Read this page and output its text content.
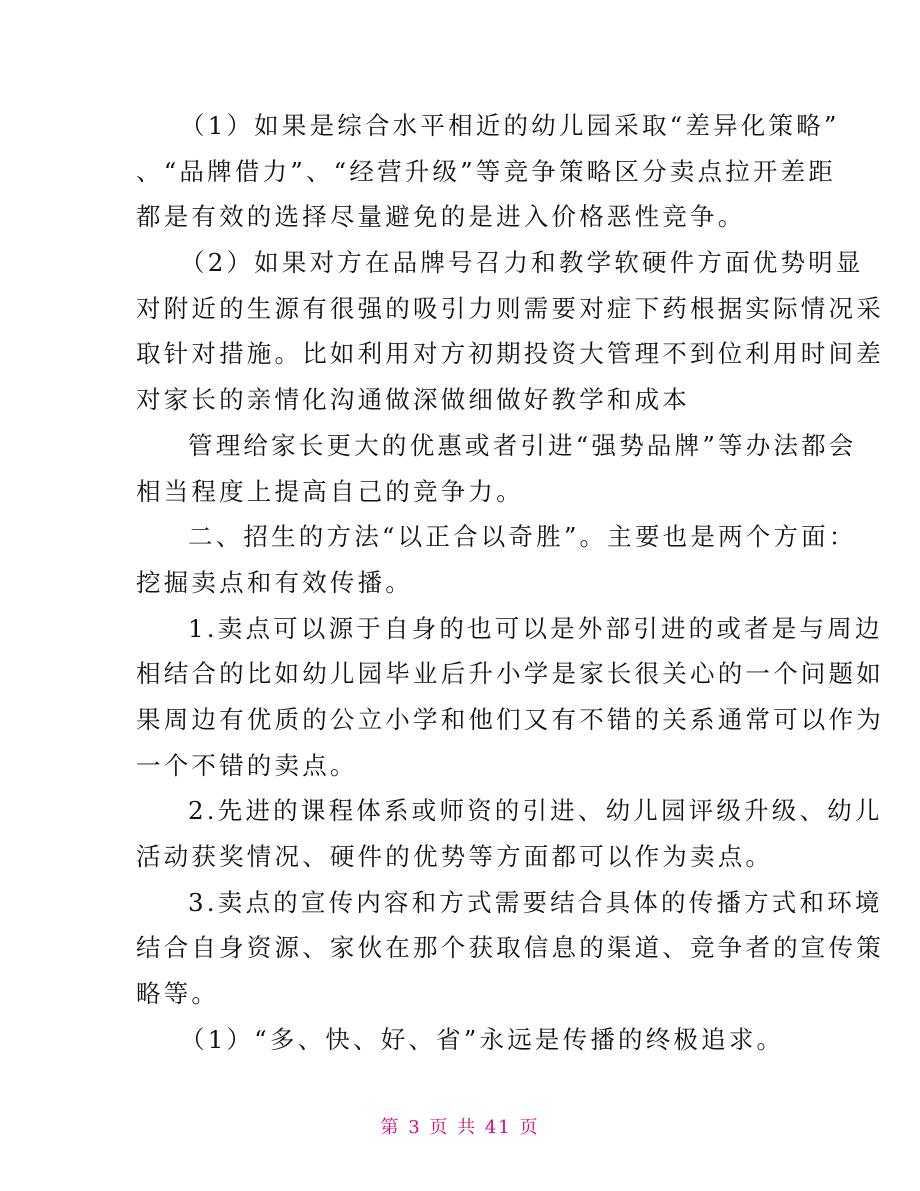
（1）如果是综合水平相近的幼儿园采取“差异化策略”
、“品牌借力”、“经营升级”等竞争策略区分卖点拉开差距
都是有效的选择尽量避免的是进入价格恶性竞争。
（2）如果对方在品牌号召力和教学软硬件方面优势明显
对附近的生源有很强的吸引力则需要对症下药根据实际情况采
取针对措施。比如利用对方初期投资大管理不到位利用时间差
对家长的亲情化沟通做深做细做好教学和成本
管理给家长更大的优惠或者引进“强势品牌”等办法都会
相当程度上提高自己的竞争力。
二、招生的方法“以正合以奇胜”。主要也是两个方面：
挖掘卖点和有效传播。
1.卖点可以源于自身的也可以是外部引进的或者是与周边
相结合的比如幼儿园毕业后升小学是家长很关心的一个问题如
果周边有优质的公立小学和他们又有不错的关系通常可以作为
一个不错的卖点。
2.先进的课程体系或师资的引进、幼儿园评级升级、幼儿
活动获奖情况、硬件的优势等方面都可以作为卖点。
3.卖点的宣传内容和方式需要结合具体的传播方式和环境
结合自身资源、家伙在那个获取信息的渠道、竞争者的宣传策
略等。
（1）“多、快、好、省”永远是传播的终极追求。
第 3 页 共 41 页
